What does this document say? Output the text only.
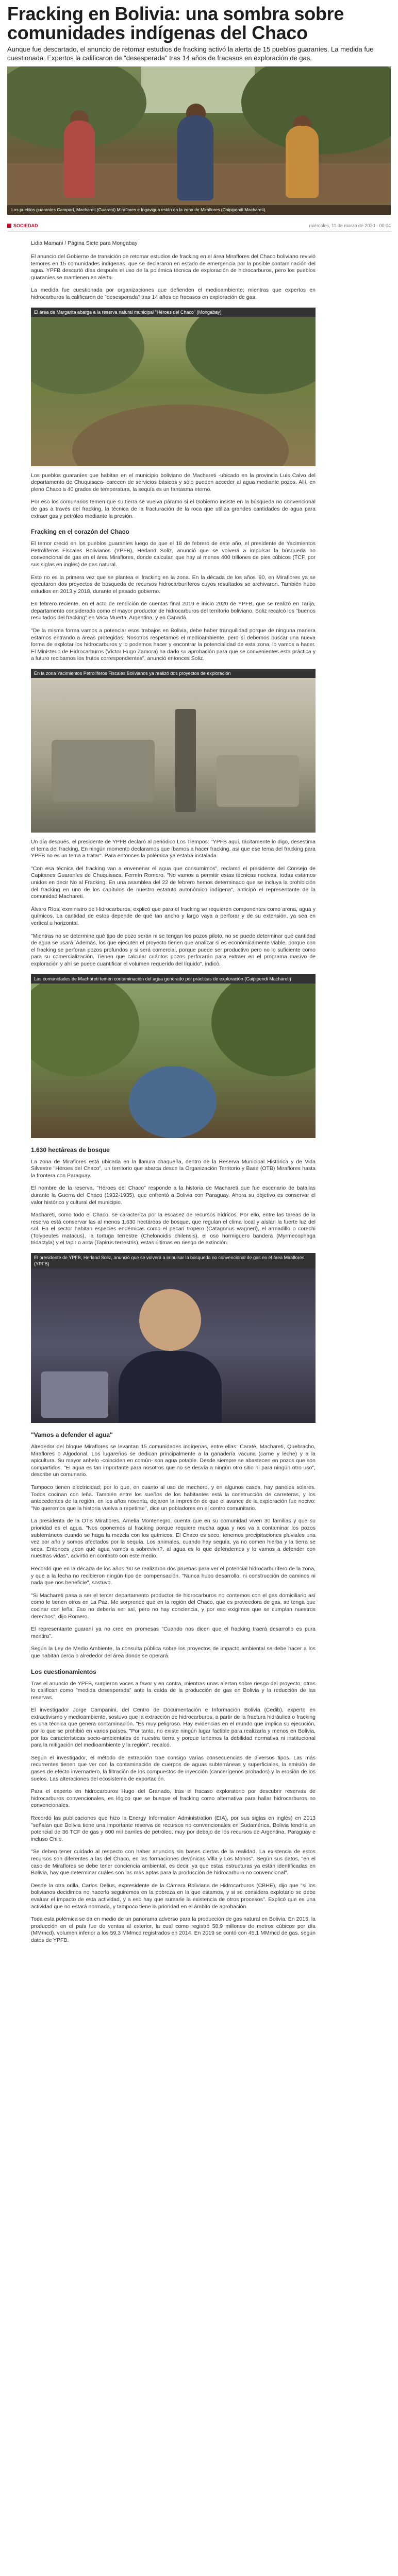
Fracking en Bolivia: una sombra sobre comunidades indígenas del Chaco

Aunque fue descartado, el anuncio de retomar estudios de fracking activó la alerta de 15 pueblos guaraníes. La medida fue cuestionada. Expertos la calificaron de "desesperada" tras 14 años de fracasos en exploración de gas.

Los pueblos guaraníes Caraparí, Machareti (Guaraní) Miraflores e Ingavigua están en la zona de Miraflores (Caipipendi Machareti).
SOCIEDAD	miércoles, 11 de marzo de 2020 · 00:04
Lidia Mamani / Página Siete para Mongabay

El anuncio del Gobierno de transición de retomar estudios de fracking en el área Miraflores del Chaco boliviano revivió temores en 15 comunidades indígenas, que se declararon en estado de emergencia por la posible contaminación del agua. YPFB descartó días después el uso de la polémica técnica de exploración de hidrocarburos, pero los pueblos guaraníes se mantienen en alerta.

La medida fue cuestionada por organizaciones que defienden el medioambiente; mientras que expertos en hidrocarburos la calificaron de "desesperada" tras 14 años de fracasos en exploración de gas.

El área de Margarita abarga a la reserva natural municipal "Héroes del Chaco" (Mongabay)

Los pueblos guaraníes que habitan en el municipio boliviano de Machareti -ubicado en la provincia Luis Calvo del departamento de Chuquisaca- carecen de servicios básicos y sólo pueden acceder al agua mediante pozos. Allí, en pleno Chaco a 40 grados de temperatura, la sequía es un fantasma eterno.

Por eso los comunarios temen que su tierra se vuelva páramo si el Gobierno insiste en la búsqueda no convencional de gas a través del fracking, la técnica de la fracturación de la roca que utiliza grandes cantidades de agua para extraer gas y petróleo mediante la presión.

Fracking en el corazón del Chaco

El temor creció en los pueblos guaraníes luego de que el 18 de febrero de este año, el presidente de Yacimientos Petrolíferos Fiscales Bolivianos (YPFB), Herland Soliz, anunció que se volverá a impulsar la búsqueda no convencional de gas en el área Miraflores, donde calculan que hay al menos 400 trillones de pies cúbicos (TCF, por sus siglas en inglés) de gas natural.

Esto no es la primera vez que se plantea el fracking en la zona. En la década de los años '90, en Miraflores ya se ejecutaron dos proyectos de búsqueda de recursos hidrocarburíferos cuyos resultados se archivaron. También hubo estudios en 2013 y 2018, durante el pasado gobierno.

En febrero reciente, en el acto de rendición de cuentas final 2019 e inicio 2020 de YPFB, que se realizó en Tarija, departamento considerado como el mayor productor de hidrocarburos del territorio boliviano, Soliz recalcó los "buenos resultados del fracking" en Vaca Muerta, Argentina, y en Canadá.

"De la misma forma vamos a potenciar esos trabajos en Bolivia, debe haber tranquilidad porque de ninguna manera estamos entrando a áreas protegidas. Nosotros respetamos el medioambiente, pero sí debemos buscar una nueva forma de explotar los hidrocarburos y lo podemos hacer y encontrar la potencialidad de esta zona, lo vamos a hacer. El Ministerio de Hidrocarburos (Víctor Hugo Zamora) ha dado su aprobación para que se convenientes esta práctica y a futuro recibamos los frutos correspondientes", anunció entonces Soliz.

En la zona Yacimientos Petrolíferos Fiscales Bolivianos ya realizó dos proyectos de exploración

Un día después, el presidente de YPFB declaró al periódico Los Tiempos: "YPFB aquí, tácitamente lo digo, desestima el tema del fracking. En ningún momento declaramos que íbamos a hacer fracking, así que ese tema del fracking para YPFB no es un tema a tratar". Para entonces la polémica ya estaba instalada.

"Con esa técnica del fracking van a envenenar el agua que consumimos", reclamó el presidente del Consejo de Capitanes Guaraníes de Chuquisaca, Fermín Romero. "No vamos a permitir estas técnicas nocivas, todas estamos unidos en decir No al Fracking. En una asamblea del 22 de febrero hemos determinado que se incluya la prohibición del fracking en uno de los capítulos de nuestro estatuto autonómico indígena", anticipó el representante de la comunidad Machareti.

Álvaro Ríos, exministro de Hidrocarburos, explicó que para el fracking se requieren componentes como arena, agua y químicos. La cantidad de estos depende de qué tan ancho y largo vaya a perforar y de su extensión, ya sea en vertical u horizontal.

"Mientras no se determine qué tipo de pozo serán ni se tengan los pozos piloto, no se puede determinar qué cantidad de agua se usará. Además, los que ejecuten el proyecto tienen que analizar si es económicamente viable, porque con el fracking se perforan pozos profundos y si será comercial, porque puede ser productivo pero no lo suficiente como para su comercialización. Tienen que calcular cuántos pozos perforarán para extraer en el programa masivo de exploración y ahí se puede cuantificar el volumen requerido del líquido", indicó.

Las comunidades de Machareti temen contaminación del agua generado por prácticas de exploración (Caipipendi Machareti)
1.630 hectáreas de bosque

La zona de Miraflores está ubicada en la llanura chaqueña, dentro de la Reserva Municipal Histórica y de Vida Silvestre "Héroes del Chaco", un territorio que abarca desde la Organización Territorio y Base (OTB) Miraflores hasta la frontera con Paraguay.

El nombre de la reserva, "Héroes del Chaco" responde a la historia de Machareti que fue escenario de batallas durante la Guerra del Chaco (1932-1935), que enfrentó a Bolivia con Paraguay. Ahora su objetivo es conservar el valor histórico y cultural del municipio.

Machareti, como todo el Chaco, se caracteriza por la escasez de recursos hídricos. Por ello, entre las tareas de la reserva está conservar las al menos 1.630 hectáreas de bosque, que regulan el clima local y aíslan la fuerte luz del sol. En el sector habitan especies endémicas como el pecarí tropero (Catagonus wagneri), el armadillo o corechi (Tolypeutes matacus), la tortuga terrestre (Chelonoidis chilensis), el oso hormiguero bandera (Myrmecophaga tridactyla) y el tapir o anta (Tapirus terrestris), estas últimas en riesgo de extinción.

El presidente de YPFB, Herland Soliz, anunció que se volverá a impulsar la búsqueda no convencional de gas en el área Miraflores (YPFB)
"Vamos a defender el agua"

Alrededor del bloque Miraflores se levantan 15 comunidades indígenas, entre ellas: Caraté, Machareti, Quebracho, Miraflores o Algodonal. Los lugareños se dedican principalmente a la ganadería vacuna (carne y leche) y a la apicultura. Su mayor anhelo -coinciden en común- son agua potable. Desde siempre se abastecen en pozos que son compartidos. "El agua es tan importante para nosotros que no se desvía a ningún otro sitio ni para ningún otro uso", describe un comunario.

Tampoco tienen electricidad; por lo que, en cuanto al uso de mechero, y en algunos casos, hay paneles solares. Todos cocinan con leña. También entre los sueños de los habitantes está la construcción de carreteras, y los antecedentes de la región, en los años noventa, dejaron la impresión de que el avance de la exploración fue nocivo: "No queremos que la historia vuelva a repetirse", dice un pobladores en el centro comunitario.

La presidenta de la OTB Miraflores, Amelia Montenegro, cuenta que en su comunidad viven 30 familias y que su prioridad es el agua. "Nos oponemos al fracking porque requiere mucha agua y nos va a contaminar los pozos subterráneos cuando se haga la mezcla con los químicos. El Chaco es seco, tenemos precipitaciones pluviales una vez por año y somos afectados por la sequía. Los animales, cuando hay sequía, ya no comen hierba y la tierra se seca. Entonces ¿con qué agua vamos a sobrevivir?, al agua es lo que defendemos y lo vamos a defender con nuestras vidas", advirtió en contacto con este medio.

Recordó que en la década de los años '90 se realizaron dos pruebas para ver el potencial hidrocarburífero de la zona, y que a la fecha no recibieron ningún tipo de compensación. "Nunca hubo desarrollo, ni construcción de caminos ni nada que nos beneficie", sostuvo.

"Si Machareti pasa a ser el tercer departamento productor de hidrocarburos no contemos con el gas domiciliario así como le tienen otros en La Paz. Me sorprende que en la región del Chaco, que es proveedora de gas, se tenga que cocinar con leña. Eso no debería ser así, pero no hay conciencia, y por eso exigimos que se cumplan nuestros derechos", dijo Romero.

El representante guaraní ya no cree en promesas "Cuando nos dicen que el fracking traerá desarrollo es pura mentira".

Según la Ley de Medio Ambiente, la consulta pública sobre los proyectos de impacto ambiental se debe hacer a los que habitan cerca o alrededor del área donde se operará.

Los cuestionamientos

Tras el anuncio de YPFB, surgieron voces a favor y en contra, mientras unas alertan sobre riesgo del proyecto, otras lo califican como "medida desesperada" ante la caída de la producción de gas en Bolivia y la reducción de las reservas.

El investigador Jorge Campanini, del Centro de Documentación e Información Bolivia (Cedib), experto en extractivismo y medioambiente, sostuvo que la extracción de hidrocarburos, a partir de la fractura hidráulica o fracking es una técnica que genera contaminación. "Es muy peligroso. Hay evidencias en el mundo que implica su ejecución, por lo que se prohibió en varios países. "Por tanto, no existe ningún lugar factible para realizarla y menos en Bolivia, por las características socio-ambientales de nuestra tierra y porque tenemos la debilidad normativa ni institucional para la mitigación del medioambiente y la región", recalcó.

Según el investigador, el método de extracción trae consigo varias consecuencias de diversos tipos. Las más recurrentes tienen que ver con la contaminación de cuerpos de aguas subterráneas y superficiales, la emisión de gases de efecto invernadero, la filtración de los compuestos de inyección (cancerígenos probados) y la erosión de los suelos. Las alteraciones del ecosistema de exportación.

Para el experto en hidrocarburos Hugo del Granado, tras el fracaso exploratorio por descubrir reservas de hidrocarburos convencionales, es lógico que se busque el fracking como alternativa para hallar hidrocarburos no convencionales.

Recordó las publicaciones que hizo la Energy Information Administration (EIA), por sus siglas en inglés) en 2013 "señalan que Bolivia tiene una importante reserva de recursos no convencionales en Sudamérica, Bolivia tendría un potencial de 36 TCF de gas y 600 mil barriles de petróleo, muy por debajo de los recursos de Argentina, Paraguay e incluso Chile.

"Se deben tener cuidado al respecto con haber anuncios sin bases ciertas de la realidad. La existencia de estos recursos son diferentes a las del Chaco, en las formaciones devónicas Villa y Los Monos". Según sus datos, "en el caso de Miraflores se debe tener conciencia ambiental, es decir, ya que estas estructuras ya están identificadas en Bolivia, hay que determinar cuáles son las más aptas para la producción de hidrocarburo no convencional".

Desde la otra orilla, Carlos Delius, expresidente de la Cámara Boliviana de Hidrocarburos (CBHE), dijo que "si los bolivianos decidimos no hacerlo seguiremos en la pobreza en la que estamos, y si se considera explotarlo se debe evaluar el impacto de esta actividad, y a eso hay que sumarle la existencia de otros procesos". Explicó que es una actividad que no estará normada, y tampoco tiene la prioridad en el ámbito de aprobación.

Toda esta polémica se da en medio de un panorama adverso para la producción de gas natural en Bolivia. En 2015, la producción en el país fue de ventas al exterior, la cual como registró 58,9 millones de metros cúbicos por día (MMmcd), volumen inferior a los 59,3 MMmcd registrados en 2014. En 2019 se contó con 45,1 MMmcd de gas, según datos de YPFB.
